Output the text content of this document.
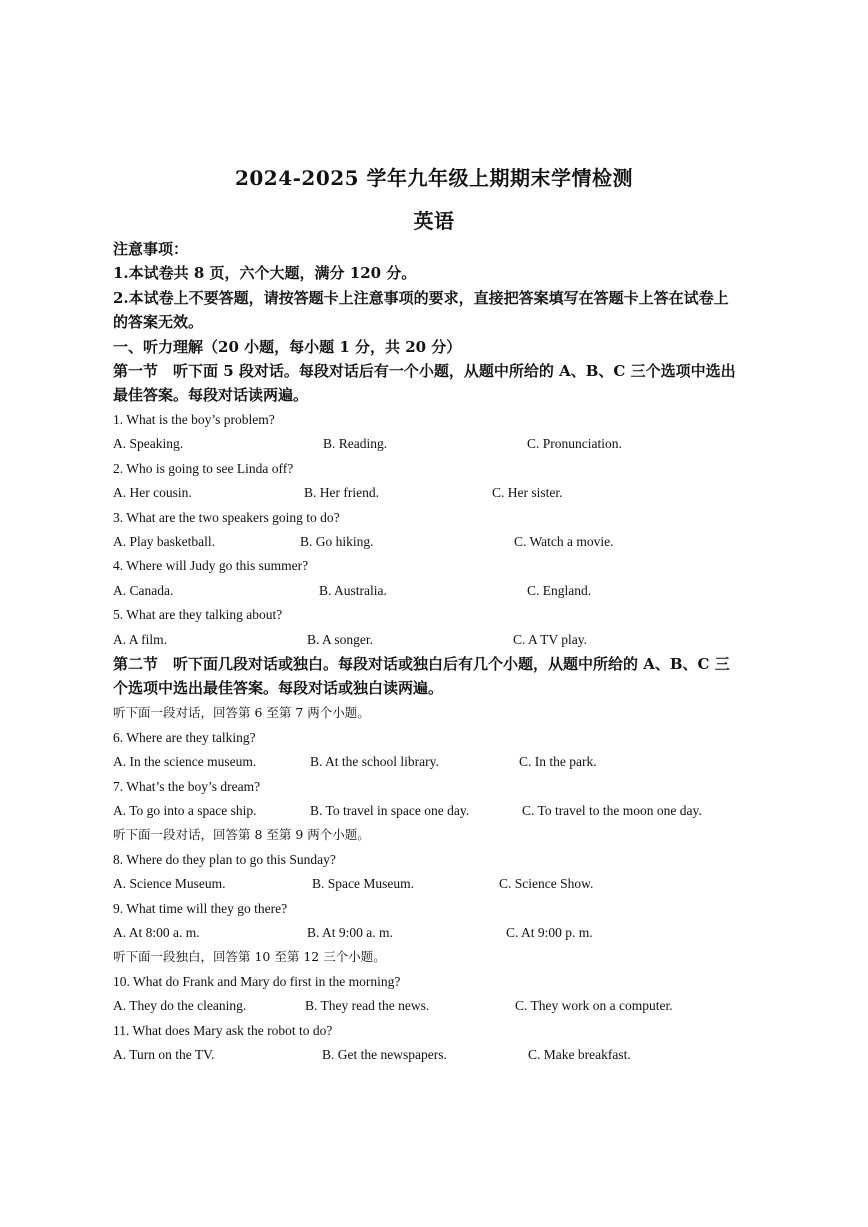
2024-2025 学年九年级上期期末学情检测
英语
注意事项：
1.本试卷共 8 页，六个大题，满分 120 分。
2.本试卷上不要答题，请按答题卡上注意事项的要求，直接把答案填写在答题卡上答在试卷上
的答案无效。
一、听力理解（20 小题，每小题 1 分，共 20 分）
第一节　听下面 5 段对话。每段对话后有一个小题，从题中所给的 A、B、C 三个选项中选出
最佳答案。每段对话读两遍。
1. What is the boy’s problem?
A. Speaking.	B. Reading.	C. Pronunciation.
2. Who is going to see Linda off?
A. Her cousin.	B. Her friend.	C. Her sister.
3. What are the two speakers going to do?
A. Play basketball.	B. Go hiking.	C. Watch a movie.
4. Where will Judy go this summer?
A. Canada.	B. Australia.	C. England.
5. What are they talking about?
A. A film.	B. A songer.	C. A TV play.
第二节　听下面几段对话或独白。每段对话或独白后有几个小题，从题中所给的 A、B、C 三
个选项中选出最佳答案。每段对话或独白读两遍。
听下面一段对话，回答第 6 至第 7 两个小题。
6. Where are they talking?
A. In the science museum.	B. At the school library.	C. In the park.
7. What’s the boy’s dream?
A. To go into a space ship.	B. To travel in space one day.	C. To travel to the moon one day.
听下面一段对话，回答第 8 至第 9 两个小题。
8. Where do they plan to go this Sunday?
A. Science Museum.	B. Space Museum.	C. Science Show.
9. What time will they go there?
A. At 8:00 a. m.	B. At 9:00 a. m.	C. At 9:00 p. m.
听下面一段独白，回答第 10 至第 12 三个小题。
10. What do Frank and Mary do first in the morning?
A. They do the cleaning.	B. They read the news.	C. They work on a computer.
11. What does Mary ask the robot to do?
A. Turn on the TV.	B. Get the newspapers.	C. Make breakfast.
